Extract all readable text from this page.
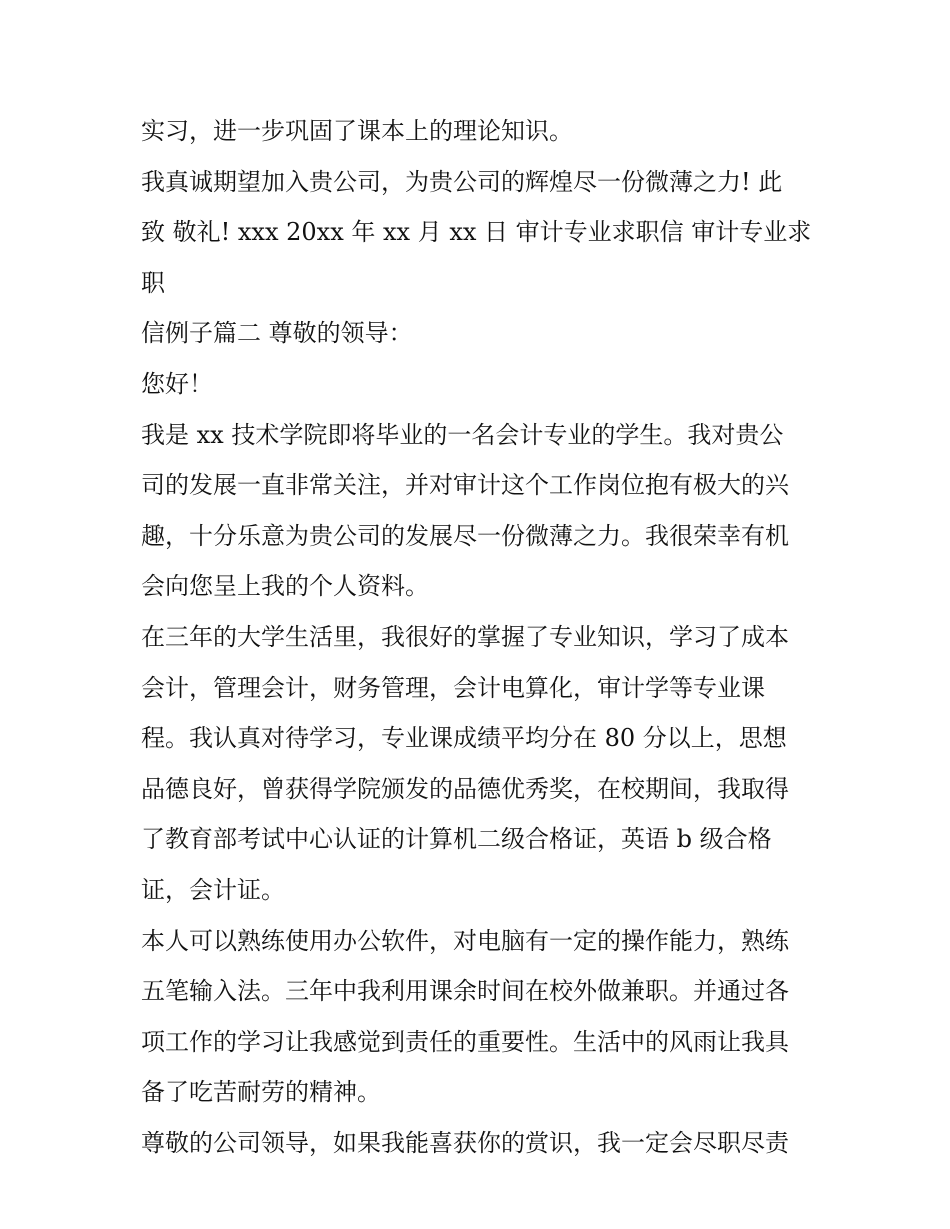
实习，进一步巩固了课本上的理论知识。

我真诚期望加入贵公司，为贵公司的辉煌尽一份微薄之力! 此

致 敬礼! xxx 20xx 年 xx 月 xx 日 审计专业求职信 审计专业求职

信例子篇二 尊敬的领导：

您好！

我是 xx 技术学院即将毕业的一名会计专业的学生。我对贵公

司的发展一直非常关注，并对审计这个工作岗位抱有极大的兴

趣，十分乐意为贵公司的发展尽一份微薄之力。我很荣幸有机

会向您呈上我的个人资料。

在三年的大学生活里，我很好的掌握了专业知识，学习了成本

会计，管理会计，财务管理，会计电算化，审计学等专业课

程。我认真对待学习，专业课成绩平均分在 80 分以上，思想

品德良好，曾获得学院颁发的品德优秀奖，在校期间，我取得

了教育部考试中心认证的计算机二级合格证，英语 b 级合格

证，会计证。

本人可以熟练使用办公软件，对电脑有一定的操作能力，熟练

五笔输入法。三年中我利用课余时间在校外做兼职。并通过各

项工作的学习让我感觉到责任的重要性。生活中的风雨让我具

备了吃苦耐劳的精神。

尊敬的公司领导，如果我能喜获你的赏识，我一定会尽职尽责
